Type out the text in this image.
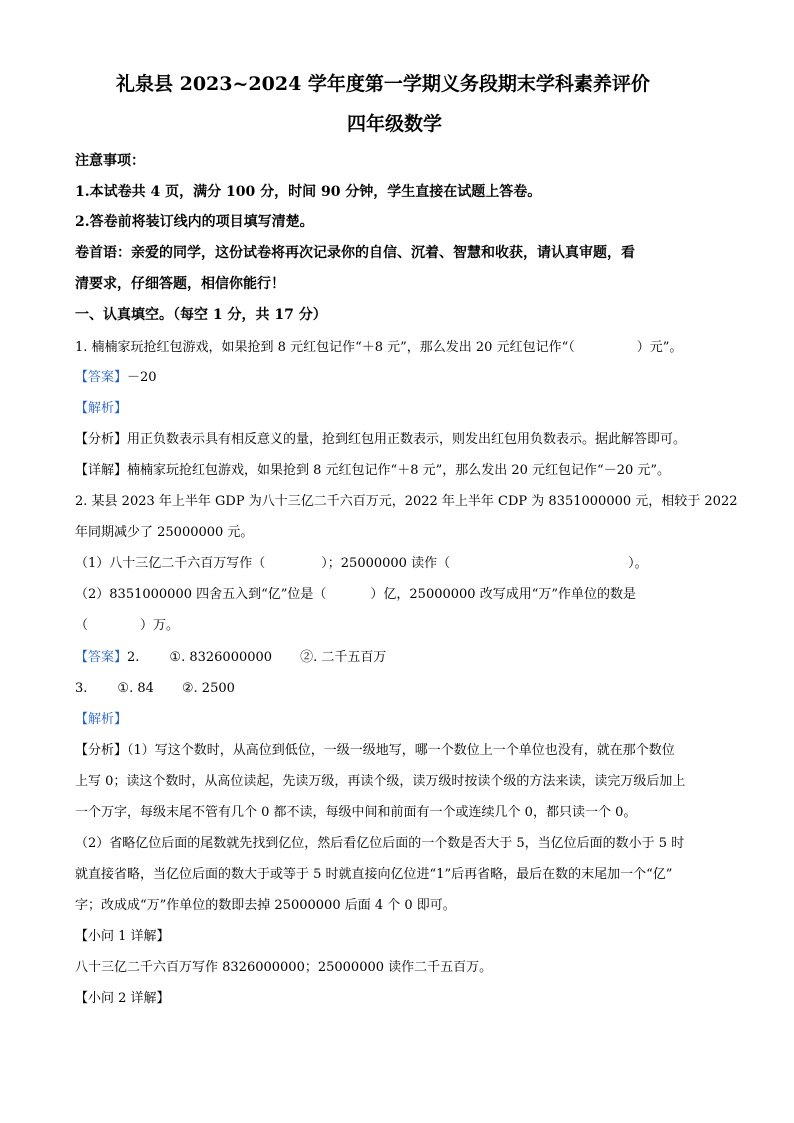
礼泉县 2023~2024 学年度第一学期义务段期末学科素养评价
四年级数学
注意事项：
1.本试卷共 4 页，满分 100 分，时间 90 分钟，学生直接在试题上答卷。
2.答卷前将装订线内的项目填写清楚。
卷首语：亲爱的同学，这份试卷将再次记录你的自信、沉着、智慧和收获，请认真审题，看
清要求，仔细答题，相信你能行！
一、认真填空。（每空 1 分，共 17 分）
1. 楠楠家玩抢红包游戏，如果抢到 8 元红包记作“＋8 元”，那么发出 20 元红包记作“（	）元”。
【答案】－20
【解析】
【分析】用正负数表示具有相反意义的量，抢到红包用正数表示，则发出红包用负数表示。据此解答即可。
【详解】楠楠家玩抢红包游戏，如果抢到 8 元红包记作“＋8 元”，那么发出 20 元红包记作“－20 元”。
2. 某县 2023 年上半年 GDP 为八十三亿二千六百万元，2022 年上半年 CDP 为 8351000000 元，相较于 2022
年同期减少了 25000000 元。
（1）八十三亿二千六百万写作（	）；25000000 读作（	）。
（2）8351000000 四舍五入到“亿”位是（	）亿，25000000 改写成用“万”作单位的数是
（	）万。
【答案】2. ①. 8326000000 ②. 二千五百万
3. ①. 84 ②. 2500
【解析】
【分析】（1）写这个数时，从高位到低位，一级一级地写，哪一个数位上一个单位也没有，就在那个数位
上写 0；读这个数时，从高位读起，先读万级，再读个级，读万级时按读个级的方法来读，读完万级后加上
一个万字，每级末尾不管有几个 0 都不读，每级中间和前面有一个或连续几个 0，都只读一个 0。
（2）省略亿位后面的尾数就先找到亿位，然后看亿位后面的一个数是否大于 5，当亿位后面的数小于 5 时
就直接省略，当亿位后面的数大于或等于 5 时就直接向亿位进“1”后再省略，最后在数的末尾加一个“亿”
字；改成成“万”作单位的数即去掉 25000000 后面 4 个 0 即可。
【小问 1 详解】
八十三亿二千六百万写作 8326000000；25000000 读作二千五百万。
【小问 2 详解】
